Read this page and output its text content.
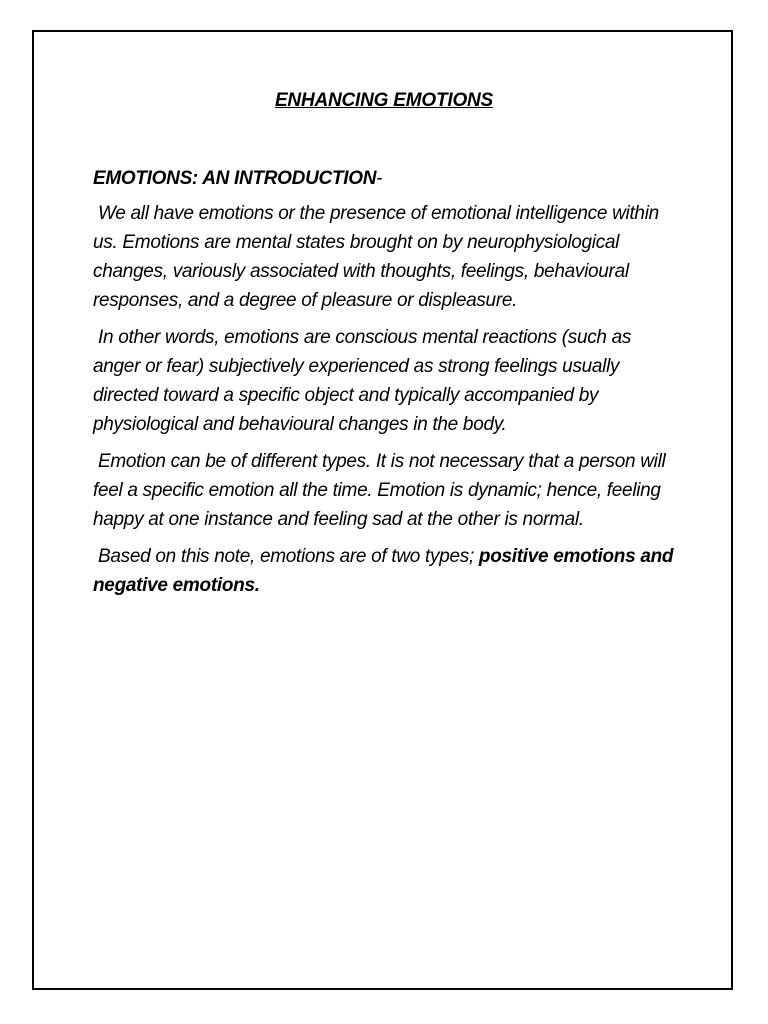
ENHANCING EMOTIONS
EMOTIONS: AN INTRODUCTION-

We all have emotions or the presence of emotional intelligence within us. Emotions are mental states brought on by neurophysiological changes, variously associated with thoughts, feelings, behavioural responses, and a degree of pleasure or displeasure.

In other words, emotions are conscious mental reactions (such as anger or fear) subjectively experienced as strong feelings usually directed toward a specific object and typically accompanied by physiological and behavioural changes in the body.

Emotion can be of different types. It is not necessary that a person will feel a specific emotion all the time. Emotion is dynamic; hence, feeling happy at one instance and feeling sad at the other is normal.

Based on this note, emotions are of two types; positive emotions and negative emotions.
